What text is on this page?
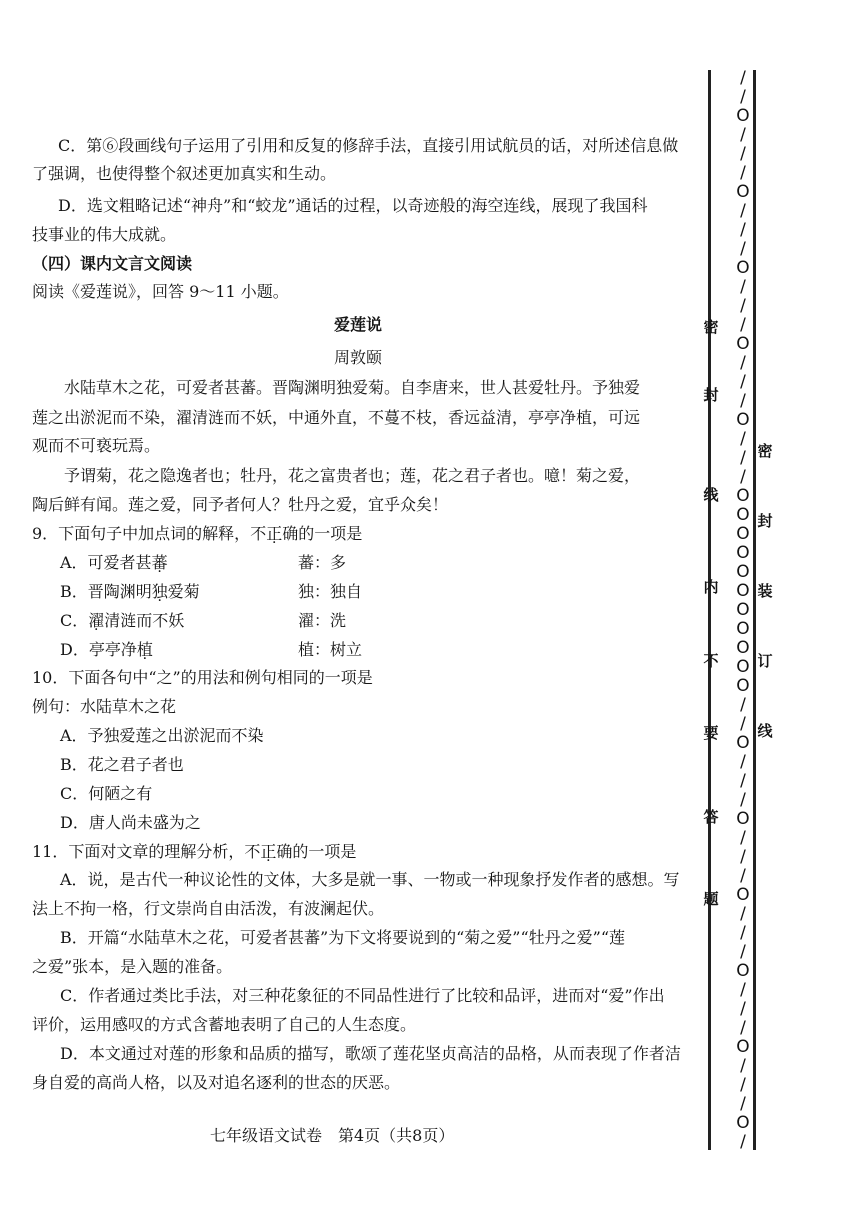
C．第⑥段画线句子运用了引用和反复的修辞手法，直接引用试航员的话，对所述信息做
了强调，也使得整个叙述更加真实和生动。
D．选文粗略记述“神舟”和“蛟龙”通话的过程，以奇迹般的海空连线，展现了我国科
技事业的伟大成就。
（四）课内文言文阅读
阅读《爱莲说》，回答 9～11 小题。
爱莲说
周敦颐
水陆草木之花，可爱者甚蕃。晋陶渊明独爱菊。自李唐来，世人甚爱牡丹。予独爱
莲之出淤泥而不染，濯清涟而不妖，中通外直，不蔓不枝，香远益清，亭亭净植，可远
观而不可亵玩焉。
予谓菊，花之隐逸者也；牡丹，花之富贵者也；莲，花之君子者也。噫！菊之爱，
陶后鲜有闻。莲之爱，同予者何人？牡丹之爱，宜乎众矣！
9．下面句子中加点词的解释，不正确的一项是
A．可爱者甚蕃	蕃：多
B．晋陶渊明独爱菊	独：独自
C．濯清涟而不妖	濯：洗
D．亭亭净植	植：树立
10．下面各句中“之”的用法和例句相同的一项是
例句：水陆草木之花
A．予独爱莲之出淤泥而不染
B．花之君子者也
C．何陋之有
D．唐人尚未盛为之
11．下面对文章的理解分析，不正确的一项是
A．说，是古代一种议论性的文体，大多是就一事、一物或一种现象抒发作者的感想。写
法上不拘一格，行文崇尚自由活泼，有波澜起伏。
B．开篇“水陆草木之花，可爱者甚蕃”为下文将要说到的“菊之爱”“牡丹之爱”“莲
之爱”张本，是入题的准备。
C．作者通过类比手法，对三种花象征的不同品性进行了比较和品评，进而对“爱”作出
评价，运用感叹的方式含蓄地表明了自己的人生态度。
D．本文通过对莲的形象和品质的描写，歌颂了莲花坚贞高洁的品格，从而表现了作者洁
身自爱的高尚人格，以及对追名逐利的世态的厌恶。
七年级语文试卷　第4页（共8页）
密
封
线
内
不
要
答
题
/
/
O
/
/
/
O
/
/
/
O
/
/
/
O
/
/
/
O
/
/
/
O
O
O
O
O
O
O
O
O
O
O
/
/
O
/
/
/
O
/
/
/
O
/
/
/
O
/
/
/
O
/
/
/
O
/
密
封
装
订
线
